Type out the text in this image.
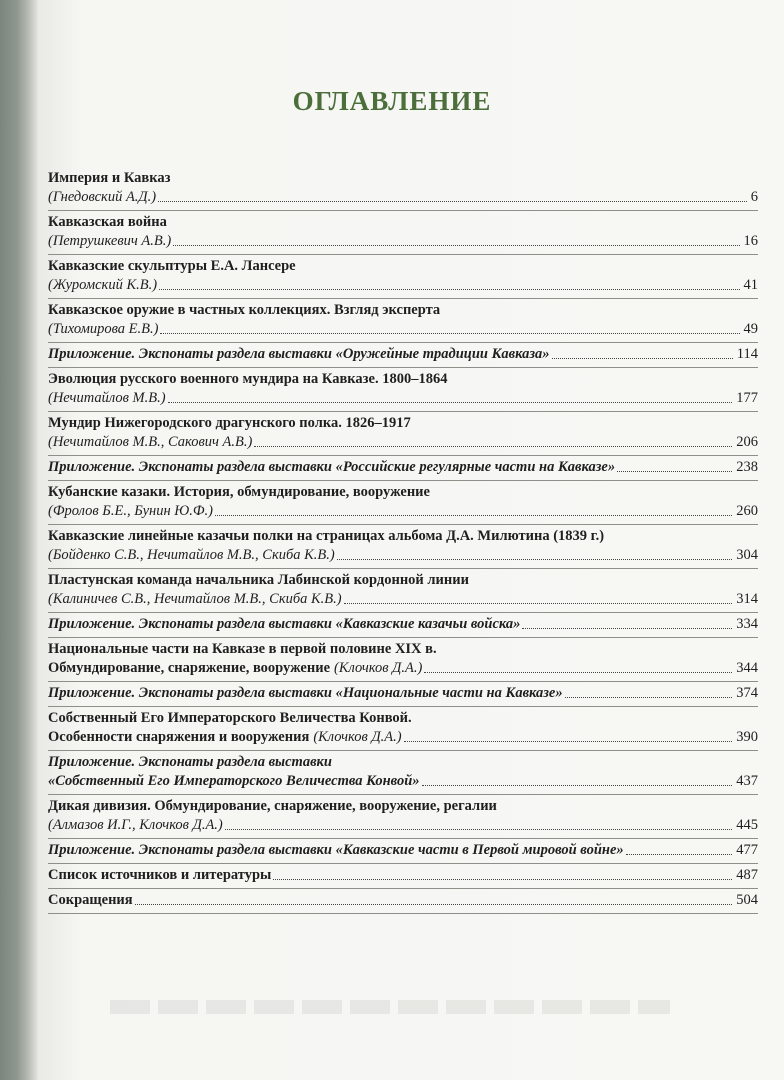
ОГЛАВЛЕНИЕ
Империя и Кавказ
(Гнедовский А.Д.)	6
Кавказская война
(Петрушкевич А.В.)	16
Кавказские скульптуры Е.А. Лансере
(Журомский К.В.)	41
Кавказское оружие в частных коллекциях. Взгляд эксперта
(Тихомирова Е.В.)	49
Приложение. Экспонаты раздела выставки «Оружейные традиции Кавказа»	114
Эволюция русского военного мундира на Кавказе. 1800–1864
(Нечитайлов М.В.)	177
Мундир Нижегородского драгунского полка. 1826–1917
(Нечитайлов М.В., Сакович А.В.)	206
Приложение. Экспонаты раздела выставки «Российские регулярные части на Кавказе»	238
Кубанские казаки. История, обмундирование, вооружение
(Фролов Б.Е., Бунин Ю.Ф.)	260
Кавказские линейные казачьи полки на страницах альбома Д.А. Милютина (1839 г.)
(Бойденко С.В., Нечитайлов М.В., Скиба К.В.)	304
Пластунская команда начальника Лабинской кордонной линии
(Калиничев С.В., Нечитайлов М.В., Скиба К.В.)	314
Приложение. Экспонаты раздела выставки «Кавказские казачьи войска»	334
Национальные части на Кавказе в первой половине XIX в.
Обмундирование, снаряжение, вооружение (Клочков Д.А.)	344
Приложение. Экспонаты раздела выставки «Национальные части на Кавказе»	374
Собственный Его Императорского Величества Конвой.
Особенности снаряжения и вооружения (Клочков Д.А.)	390
Приложение. Экспонаты раздела выставки
«Собственный Его Императорского Величества Конвой»	437
Дикая дивизия. Обмундирование, снаряжение, вооружение, регалии
(Алмазов И.Г., Клочков Д.А.)	445
Приложение. Экспонаты раздела выставки «Кавказские части в Первой мировой войне»	477
Список источников и литературы	487
Сокращения	504
